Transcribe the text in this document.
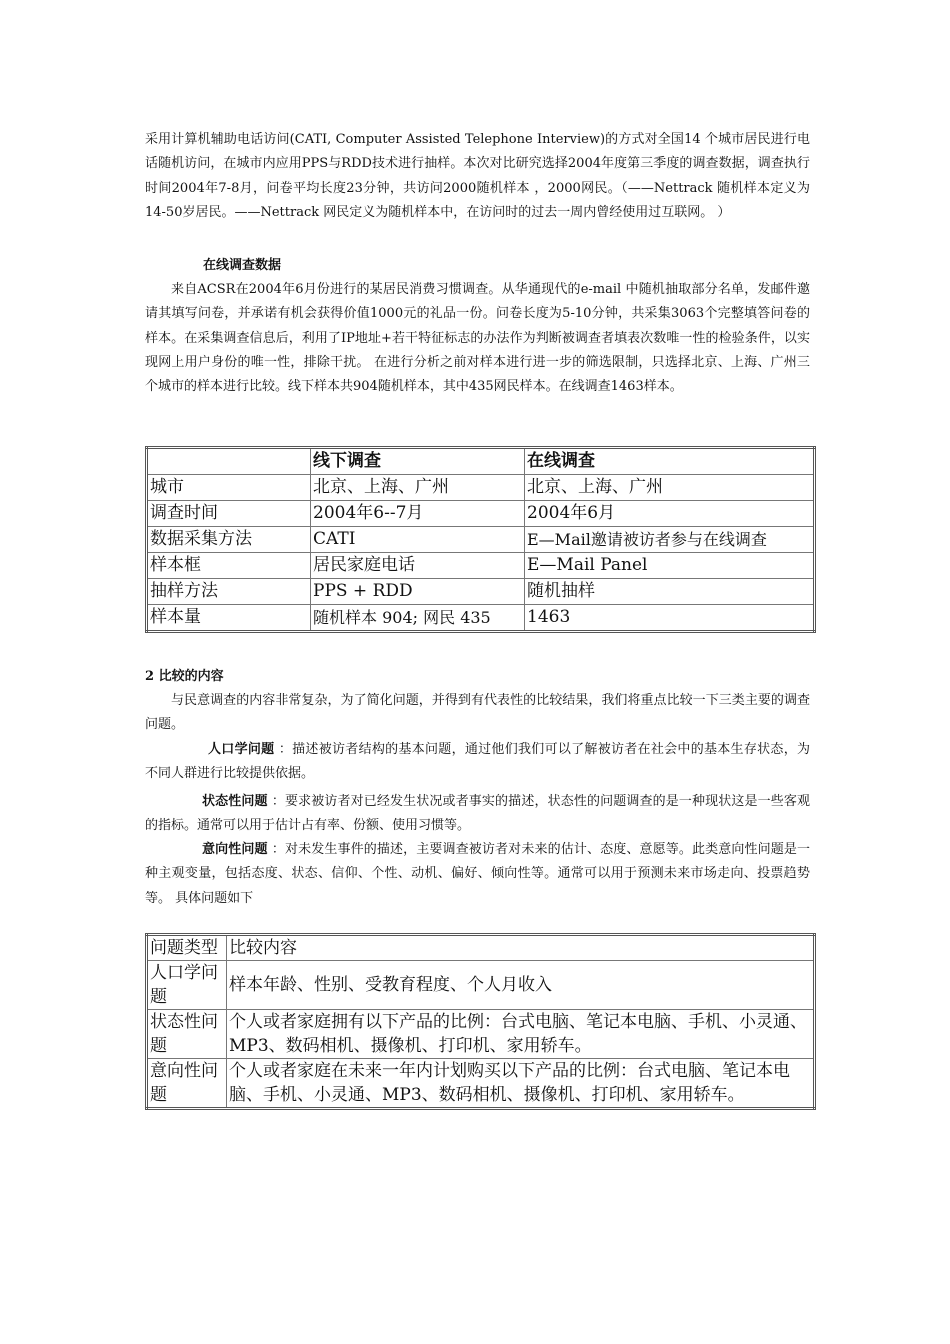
采用计算机辅助电话访问(CATI, Computer Assisted Telephone Interview)的方式对全国14 个城市居民进行电话随机访问，在城市内应用PPS与RDD技术进行抽样。本次对比研究选择2004年度第三季度的调查数据，调查执行时间2004年7-8月，问卷平均长度23分钟，共访问2000随机样本 ，2000网民。（——Nettrack 随机样本定义为14-50岁居民。——Nettrack 网民定义为随机样本中，在访问时的过去一周内曾经使用过互联网。 ）

在线调查数据

来自ACSR在2004年6月份进行的某居民消费习惯调查。从华通现代的e-mail 中随机抽取部分名单，发邮件邀请其填写问卷，并承诺有机会获得价值1000元的礼品一份。问卷长度为5-10分钟，共采集3063个完整填答问卷的样本。在采集调查信息后，利用了IP地址+若干特征标志的办法作为判断被调查者填表次数唯一性的检验条件，以实现网上用户身份的唯一性，排除干扰。 在进行分析之前对样本进行进一步的筛选限制，只选择北京、上海、广州三个城市的样本进行比较。线下样本共904随机样本，其中435网民样本。在线调查1463样本。

	线下调查	在线调查
城市	北京、上海、广州	北京、上海、广州
调查时间	2004年6--7月	2004年6月
数据采集方法	CATI	E—Mail邀请被访者参与在线调查
样本框	居民家庭电话	E—Mail Panel
抽样方法	PPS + RDD	随机抽样
样本量	随机样本 904; 网民 435	1463

2 比较的内容

与民意调查的内容非常复杂，为了简化问题，并得到有代表性的比较结果，我们将重点比较一下三类主要的调查问题。

人口学问题 ：描述被访者结构的基本问题，通过他们我们可以了解被访者在社会中的基本生存状态，为不同人群进行比较提供依据。

状态性问题 ：要求被访者对已经发生状况或者事实的描述，状态性的问题调查的是一种现状这是一些客观的指标。通常可以用于估计占有率、份额、使用习惯等。

意向性问题 ：对未发生事件的描述，主要调查被访者对未来的估计、态度、意愿等。此类意向性问题是一种主观变量，包括态度、状态、信仰、个性、动机、偏好、倾向性等。通常可以用于预测未来市场走向、投票趋势等。 具体问题如下

问题类型	比较内容
人口学问题	样本年龄、性别、受教育程度、个人月收入
状态性问题	个人或者家庭拥有以下产品的比例：台式电脑、笔记本电脑、手机、小灵通、MP3、数码相机、摄像机、打印机、家用轿车。
意向性问题	个人或者家庭在未来一年内计划购买以下产品的比例：台式电脑、笔记本电脑、手机、小灵通、MP3、数码相机、摄像机、打印机、家用轿车。
